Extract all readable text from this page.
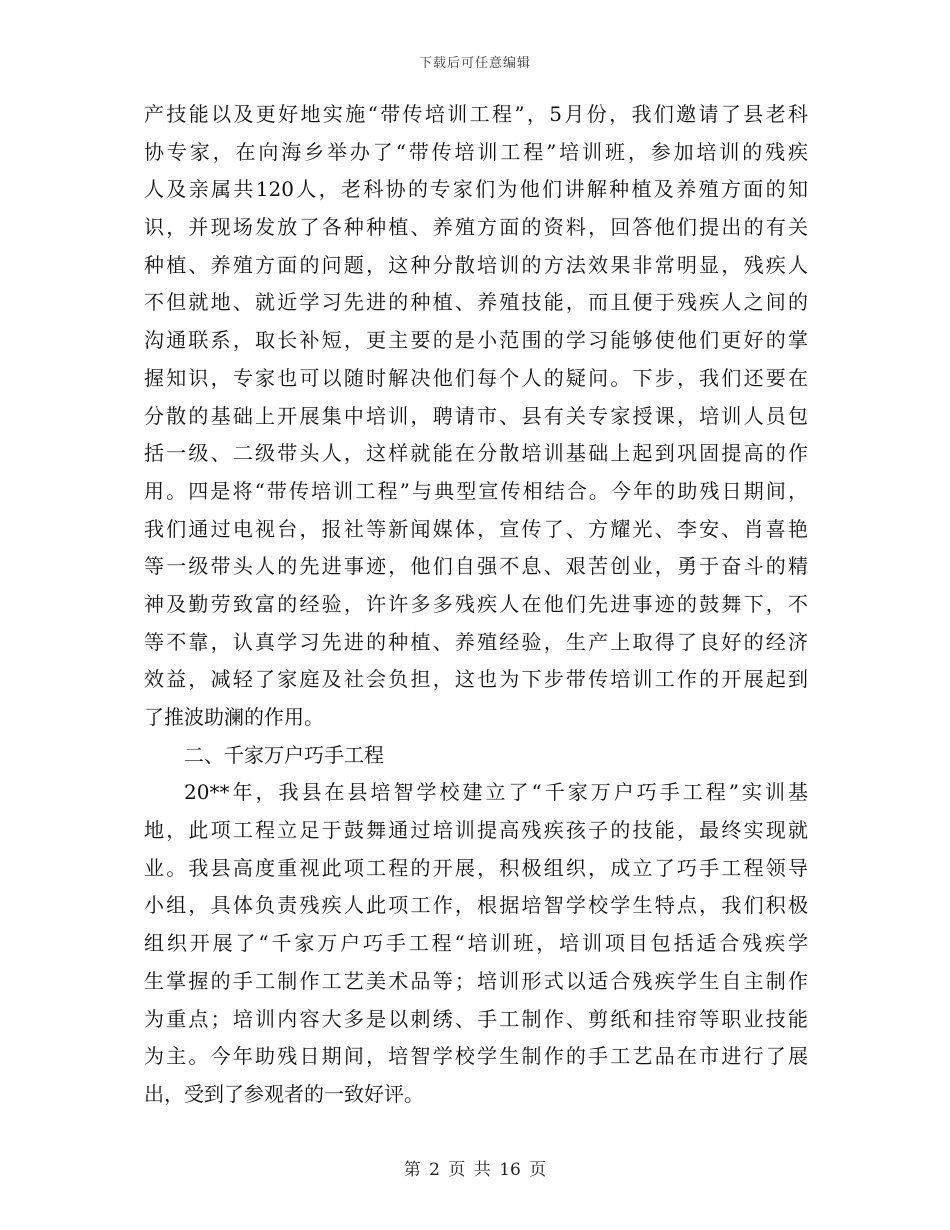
下载后可任意编辑
产技能以及更好地实施“带传培训工程”，5月份，我们邀请了县老科
协专家，在向海乡举办了“带传培训工程”培训班，参加培训的残疾
人及亲属共120人，老科协的专家们为他们讲解种植及养殖方面的知
识，并现场发放了各种种植、养殖方面的资料，回答他们提出的有关
种植、养殖方面的问题，这种分散培训的方法效果非常明显，残疾人
不但就地、就近学习先进的种植、养殖技能，而且便于残疾人之间的
沟通联系，取长补短，更主要的是小范围的学习能够使他们更好的掌
握知识，专家也可以随时解决他们每个人的疑问。下步，我们还要在
分散的基础上开展集中培训，聘请市、县有关专家授课，培训人员包
括一级、二级带头人，这样就能在分散培训基础上起到巩固提高的作
用。四是将“带传培训工程”与典型宣传相结合。今年的助残日期间，
我们通过电视台，报社等新闻媒体，宣传了、方耀光、李安、肖喜艳
等一级带头人的先进事迹，他们自强不息、艰苦创业，勇于奋斗的精
神及勤劳致富的经验，许许多多残疾人在他们先进事迹的鼓舞下，不
等不靠，认真学习先进的种植、养殖经验，生产上取得了良好的经济
效益，减轻了家庭及社会负担，这也为下步带传培训工作的开展起到
了推波助澜的作用。
二、千家万户巧手工程
20**年，我县在县培智学校建立了“千家万户巧手工程”实训基
地，此项工程立足于鼓舞通过培训提高残疾孩子的技能，最终实现就
业。我县高度重视此项工程的开展，积极组织，成立了巧手工程领导
小组，具体负责残疾人此项工作，根据培智学校学生特点，我们积极
组织开展了“千家万户巧手工程“培训班，培训项目包括适合残疾学
生掌握的手工制作工艺美术品等；培训形式以适合残疾学生自主制作
为重点；培训内容大多是以刺绣、手工制作、剪纸和挂帘等职业技能
为主。今年助残日期间，培智学校学生制作的手工艺品在市进行了展
出，受到了参观者的一致好评。
第 2 页 共 16 页
